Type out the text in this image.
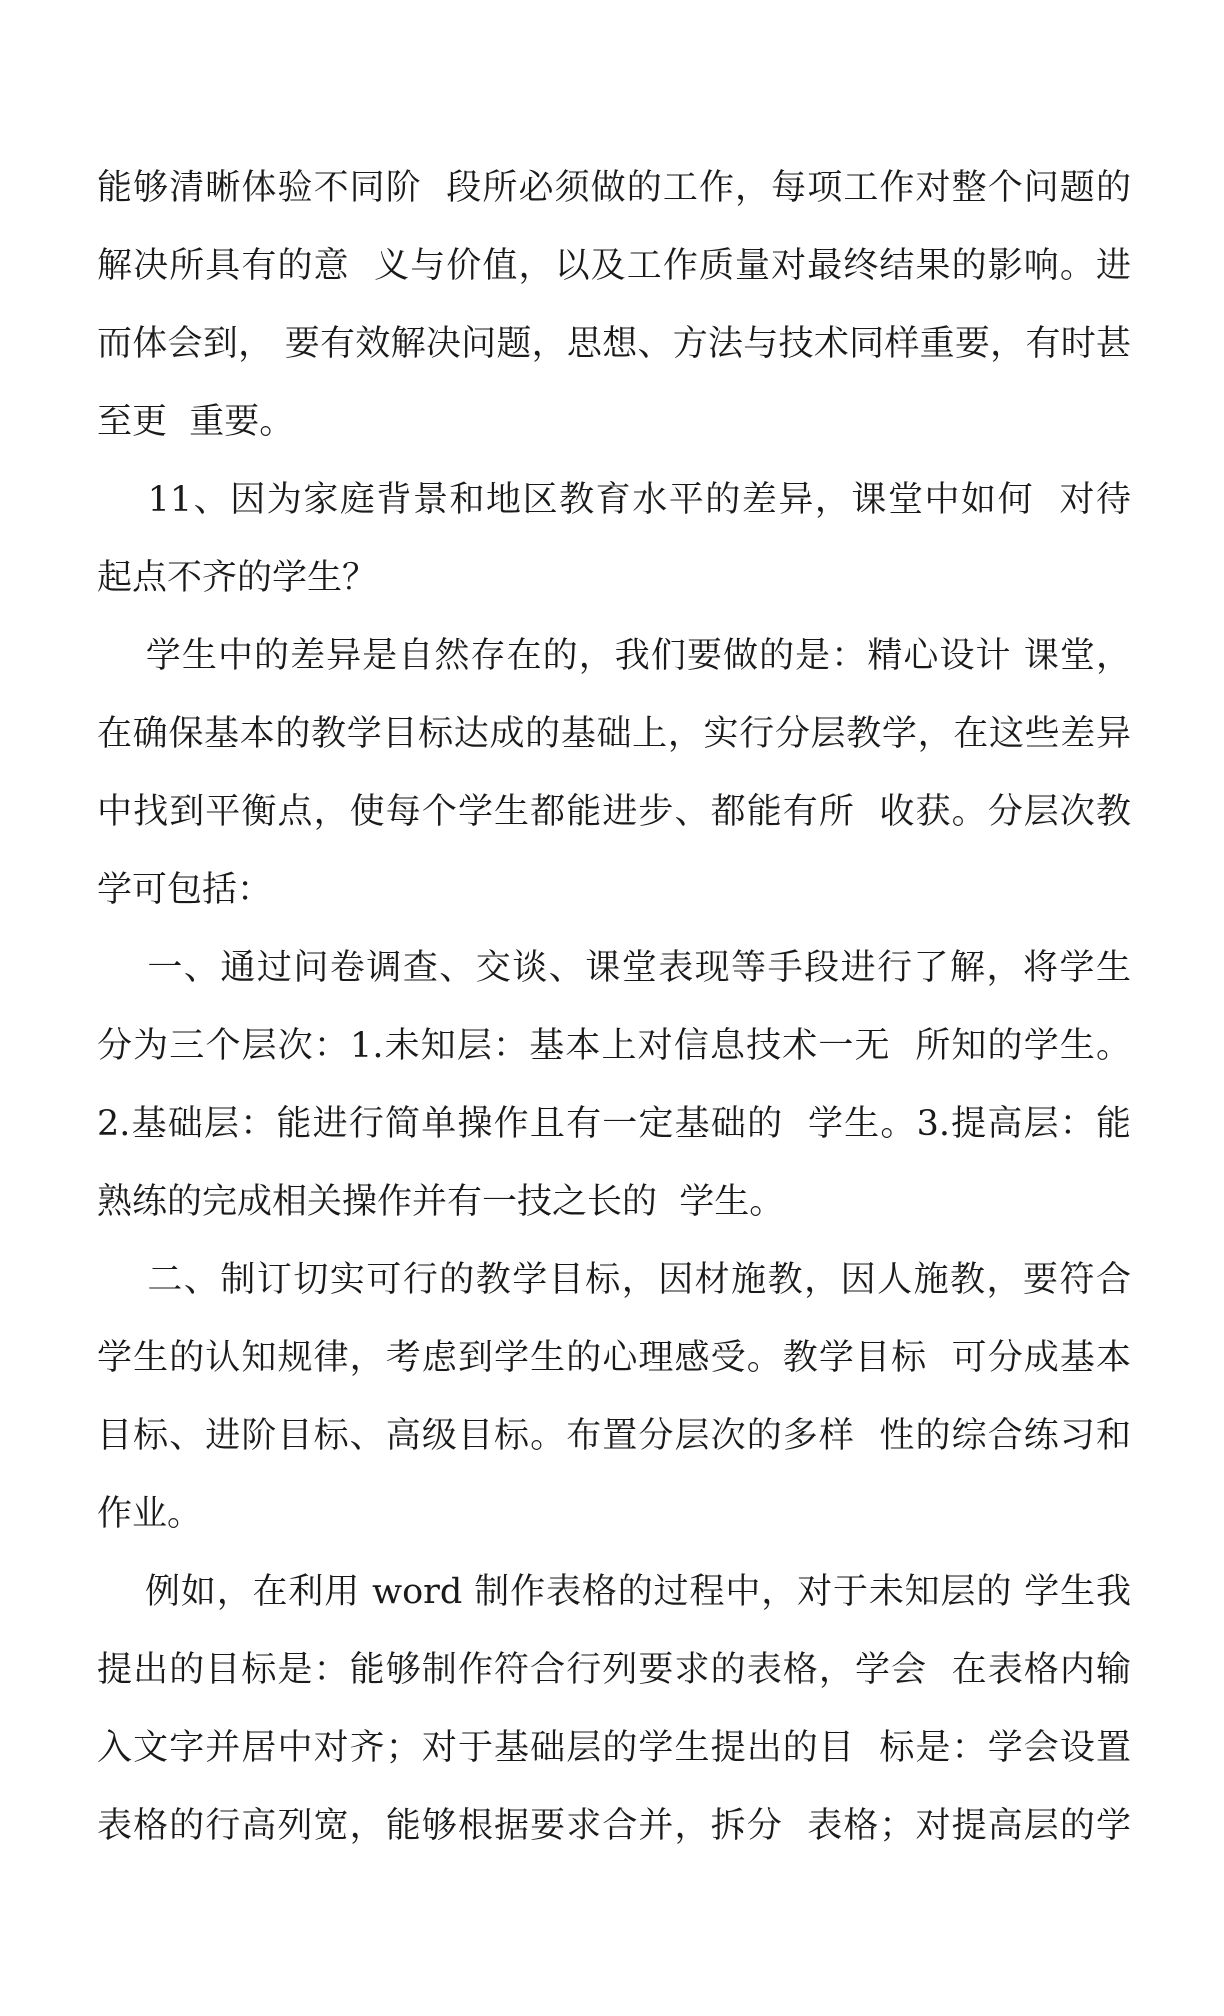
能够清晰体验不同阶  段所必须做的工作，每项工作对整个问题的
解决所具有的意  义与价值，以及工作质量对最终结果的影响。进
而体会到， 要有效解决问题，思想、方法与技术同样重要，有时甚
至更  重要。
11、因为家庭背景和地区教育水平的差异，课堂中如何  对待
起点不齐的学生？
学生中的差异是自然存在的，我们要做的是：精心设计 课堂，
在确保基本的教学目标达成的基础上，实行分层教学，在这些差异
中找到平衡点，使每个学生都能进步、都能有所  收获。分层次教
学可包括：
一、通过问卷调查、交谈、课堂表现等手段进行了解，将学生
分为三个层次：1.未知层：基本上对信息技术一无  所知的学生。
2.基础层：能进行简单操作且有一定基础的  学生。3.提高层：能
熟练的完成相关操作并有一技之长的  学生。
二、制订切实可行的教学目标，因材施教，因人施教，要符合
学生的认知规律，考虑到学生的心理感受。教学目标  可分成基本
目标、进阶目标、高级目标。布置分层次的多样  性的综合练习和
作业。
例如，在利用 word 制作表格的过程中，对于未知层的 学生我
提出的目标是：能够制作符合行列要求的表格，学会  在表格内输
入文字并居中对齐；对于基础层的学生提出的目  标是：学会设置
表格的行高列宽，能够根据要求合并，拆分  表格；对提高层的学
